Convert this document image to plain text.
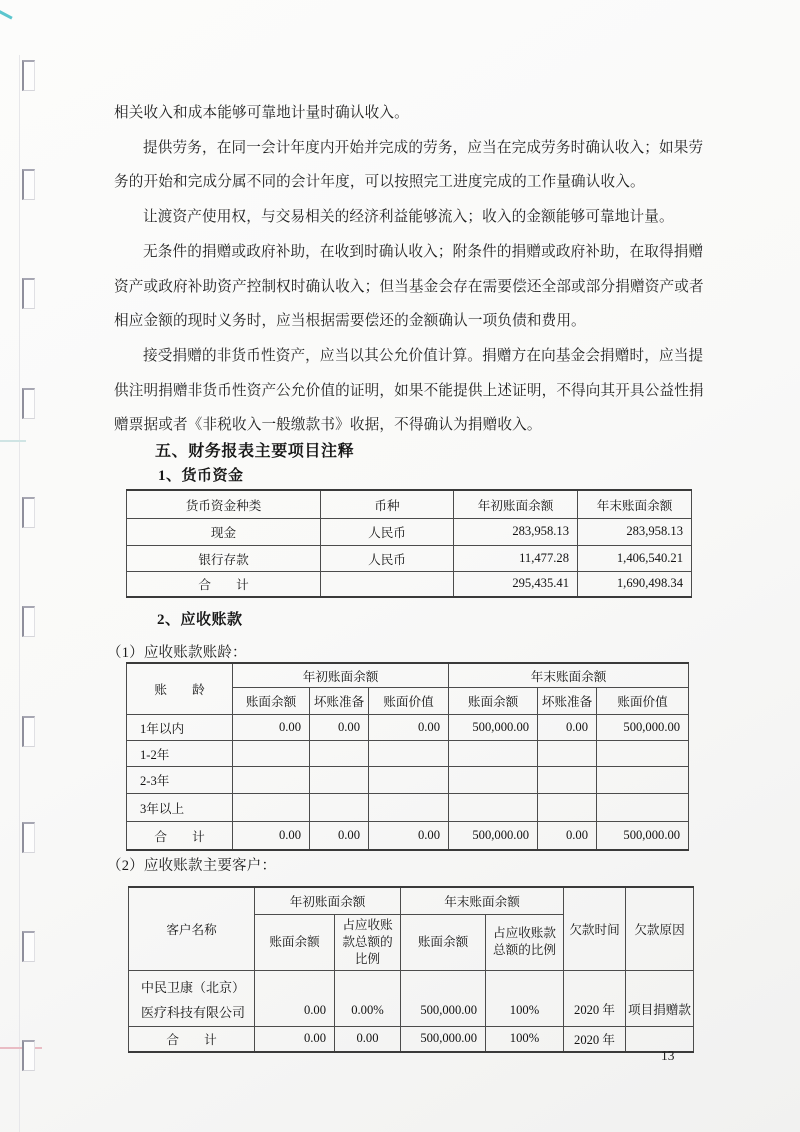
相关收入和成本能够可靠地计量时确认收入。
提供劳务，在同一会计年度内开始并完成的劳务，应当在完成劳务时确认收入；如果劳
务的开始和完成分属不同的会计年度，可以按照完工进度完成的工作量确认收入。
让渡资产使用权，与交易相关的经济利益能够流入；收入的金额能够可靠地计量。
无条件的捐赠或政府补助，在收到时确认收入；附条件的捐赠或政府补助，在取得捐赠
资产或政府补助资产控制权时确认收入；但当基金会存在需要偿还全部或部分捐赠资产或者
相应金额的现时义务时，应当根据需要偿还的金额确认一项负债和费用。
接受捐赠的非货币性资产，应当以其公允价值计算。捐赠方在向基金会捐赠时，应当提
供注明捐赠非货币性资产公允价值的证明，如果不能提供上述证明，不得向其开具公益性捐
赠票据或者《非税收入一般缴款书》收据，不得确认为捐赠收入。
五、财务报表主要项目注释
1、货币资金
货币资金种类	币种	年初账面余额	年末账面余额
现金	人民币	283,958.13	283,958.13
银行存款	人民币	11,477.28	1,406,540.21
合　　计		295,435.41	1,690,498.34
2、应收账款
（1）应收账款账龄：
账　　龄	年初账面余额			年末账面余额		
	账面余额	坏账准备	账面价值	账面余额	坏账准备	账面价值
1年以内	0.00	0.00	0.00	500,000.00	0.00	500,000.00
1-2年						
2-3年						
3年以上						
合　　计	0.00	0.00	0.00	500,000.00	0.00	500,000.00
（2）应收账款主要客户：
客户名称	年初账面余额		年末账面余额		欠款时间	欠款原因
	账面余额	占应收账款总额的比例	账面余额	占应收账款总额的比例		

中民卫康（北京）
医疗科技有限公司	0.00	0.00%	500,000.00	100%	2020 年	项目捐赠款
合　　计	0.00	0.00	500,000.00	100%	2020 年	
13
